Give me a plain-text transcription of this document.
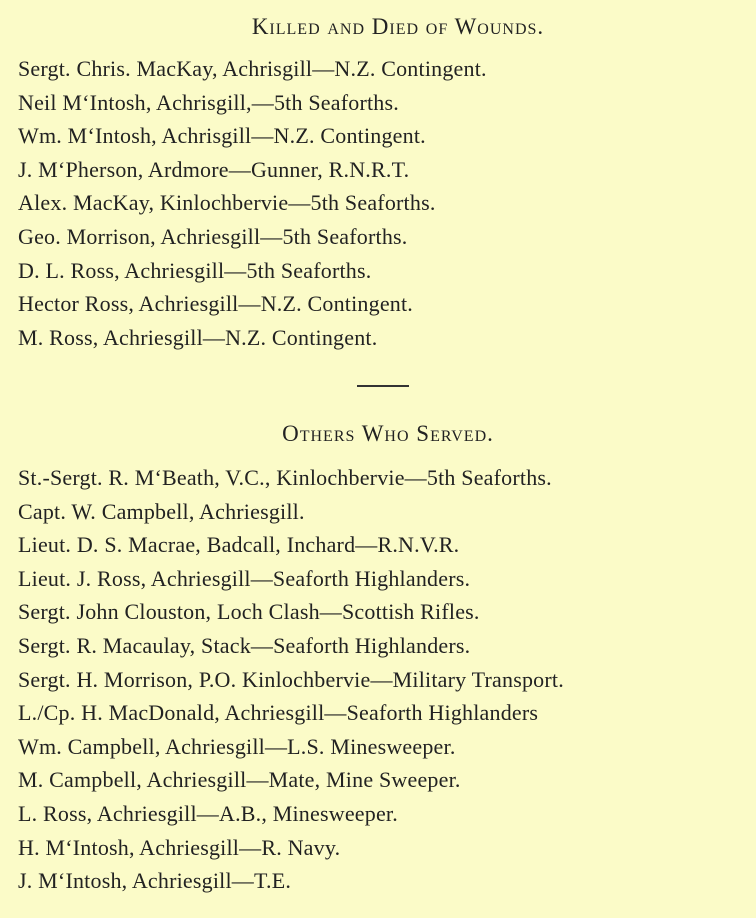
Killed and Died of Wounds.
Sergt. Chris. MacKay, Achrisgill—N.Z. Contingent.
Neil M‘Intosh, Achrisgill,—5th Seaforths.
Wm. M‘Intosh, Achrisgill—N.Z. Contingent.
J. M‘Pherson, Ardmore—Gunner, R.N.R.T.
Alex. MacKay, Kinlochbervie—5th Seaforths.
Geo. Morrison, Achriesgill—5th Seaforths.
D. L. Ross, Achriesgill—5th Seaforths.
Hector Ross, Achriesgill—N.Z. Contingent.
M. Ross, Achriesgill—N.Z. Contingent.
Others Who Served.
St.-Sergt. R. M‘Beath, V.C., Kinlochbervie—5th Seaforths.
Capt. W. Campbell, Achriesgill.
Lieut. D. S. Macrae, Badcall, Inchard—R.N.V.R.
Lieut. J. Ross, Achriesgill—Seaforth Highlanders.
Sergt. John Clouston, Loch Clash—Scottish Rifles.
Sergt. R. Macaulay, Stack—Seaforth Highlanders.
Sergt. H. Morrison, P.O. Kinlochbervie—Military Transport.
L./Cp. H. MacDonald, Achriesgill—Seaforth Highlanders
Wm. Campbell, Achriesgill—L.S. Minesweeper.
M. Campbell, Achriesgill—Mate, Mine Sweeper.
L. Ross, Achriesgill—A.B., Minesweeper.
H. M‘Intosh, Achriesgill—R. Navy.
J. M‘Intosh, Achriesgill—T.E.
